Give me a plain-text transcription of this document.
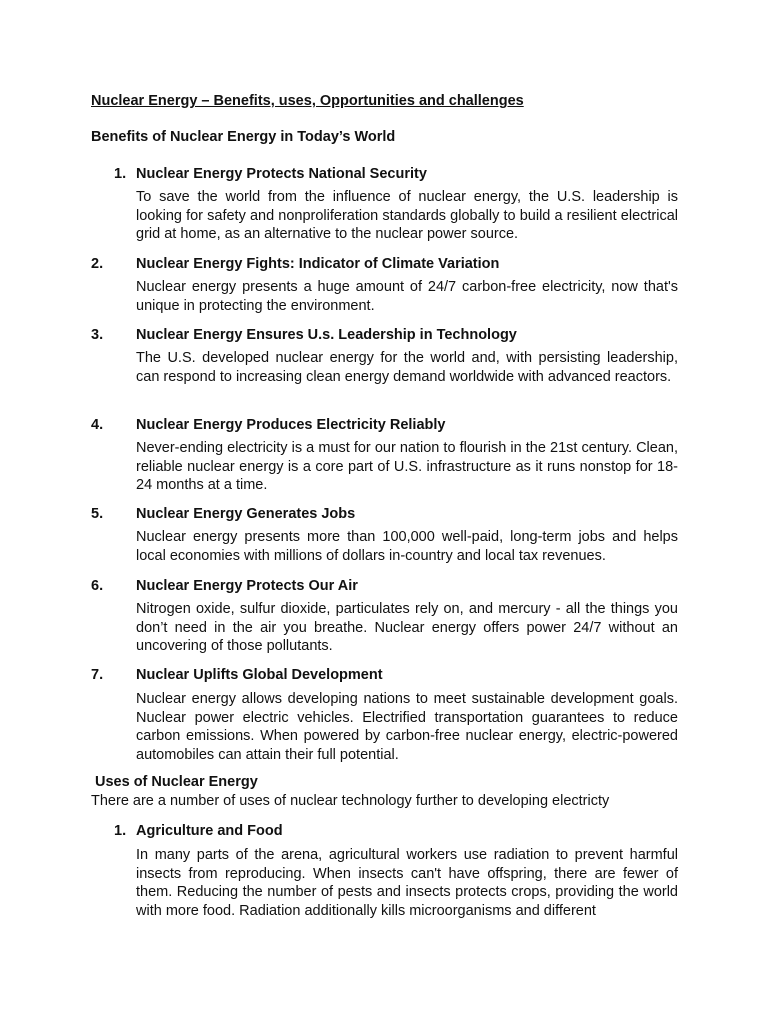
Nuclear Energy – Benefits, uses, Opportunities and challenges
Benefits of Nuclear Energy in Today’s World
1. Nuclear Energy Protects National Security
To save the world from the influence of nuclear energy, the U.S. leadership is looking for safety and nonproliferation standards globally to build a resilient electrical grid at home, as an alternative to the nuclear power source.
2.	Nuclear Energy Fights: Indicator of Climate Variation
Nuclear energy presents a huge amount of 24/7 carbon-free electricity, now that's unique in protecting the environment.
3.	Nuclear Energy Ensures U.s. Leadership in Technology
The U.S. developed nuclear energy for the world and, with persisting leadership, can respond to increasing clean energy demand worldwide with advanced reactors.
4.	Nuclear Energy Produces Electricity Reliably
Never-ending electricity is a must for our nation to flourish in the 21st century. Clean, reliable nuclear energy is a core part of U.S. infrastructure as it runs nonstop for 18-24 months at a time.
5.	Nuclear Energy Generates Jobs
Nuclear energy presents more than 100,000 well-paid, long-term jobs and helps local economies with millions of dollars in-country and local tax revenues.
6.	Nuclear Energy Protects Our Air
Nitrogen oxide, sulfur dioxide, particulates rely on, and mercury - all the things you don’t need in the air you breathe. Nuclear energy offers power 24/7 without an uncovering of those pollutants.
7.	Nuclear Uplifts Global Development
Nuclear energy allows developing nations to meet sustainable development goals. Nuclear power electric vehicles. Electrified transportation guarantees to reduce carbon emissions. When powered by carbon-free nuclear energy, electric-powered automobiles can attain their full potential.
Uses of Nuclear Energy
There are a number of uses of nuclear technology further to developing electricty
1. Agriculture and Food
In many parts of the arena, agricultural workers use radiation to prevent harmful insects from reproducing. When insects can't have offspring, there are fewer of them. Reducing the number of pests and insects protects crops, providing the world with more food. Radiation additionally kills microorganisms and different
